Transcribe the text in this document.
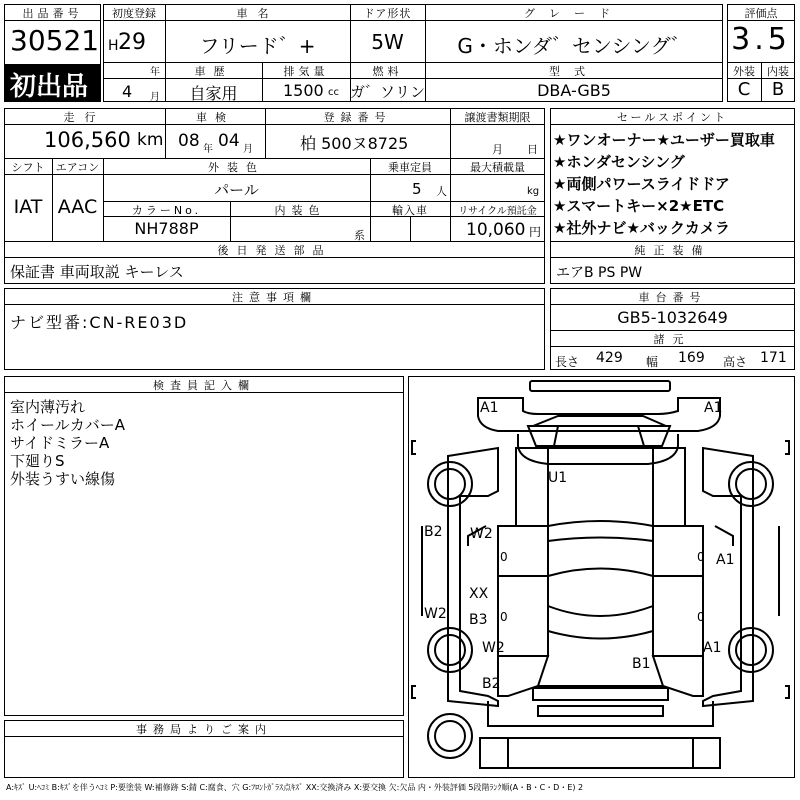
出品番号
30521
初出品
初度登録
H 29
年
4 月
車名
フリード゛+
ドア形状
5W
グレード
G・ホンダ゛センシング゛
車歴
自家用
排気量
1500 cc
燃料
ガ゛ソリン
型式
DBA-GB5
評価点
3.5
外装	内装
C	B
走行
106,560 km
車検
08 年 04 月
登録番号
柏 500ヌ8725
譲渡書類期限
月 日
シフト	エアコン
IAT AAC
外装色
パール
乗車定員
5 人
最大積載量
kg
カラーNo.
NH788P
内装色
系
輸入車	リサイクル預託金
10,060 円
後日発送部品
保証書 車両取説 キーレス
セールスポイント
★ワンオーナー★ユーザー買取車
★ホンダセンシング
★両側パワースライドドア
★スマートキー×2★ETC
★社外ナビ★バックカメラ
純正装備
エアB PS PW
注意事項欄
ナビ型番:CN-RE03D
車台番号
GB5-1032649
諸元
長さ 429 幅 169 高さ 171
検査員記入欄
室内薄汚れ
ホイールカバーA
サイドミラーA
下廻りS
外装うすい線傷
事務局よりご案内
A1	A1
U1
B2 W2
0	0 A1
XX
W2 B3 0	0
W2	A1
B1
B2
A:ｷｽﾞ U:ﾍｺﾐ B:ｷｽﾞを伴うﾍｺﾐ P:要塗装 W:補修跡 S:錆 C:腐食、穴 G:ﾌﾛﾝﾄｶﾞﾗｽ点ｷｽﾞ XX:交換済み X:要交換 欠:欠品 内・外装評価 5段階ﾗﾝｸ順(A・B・C・D・E) 2
